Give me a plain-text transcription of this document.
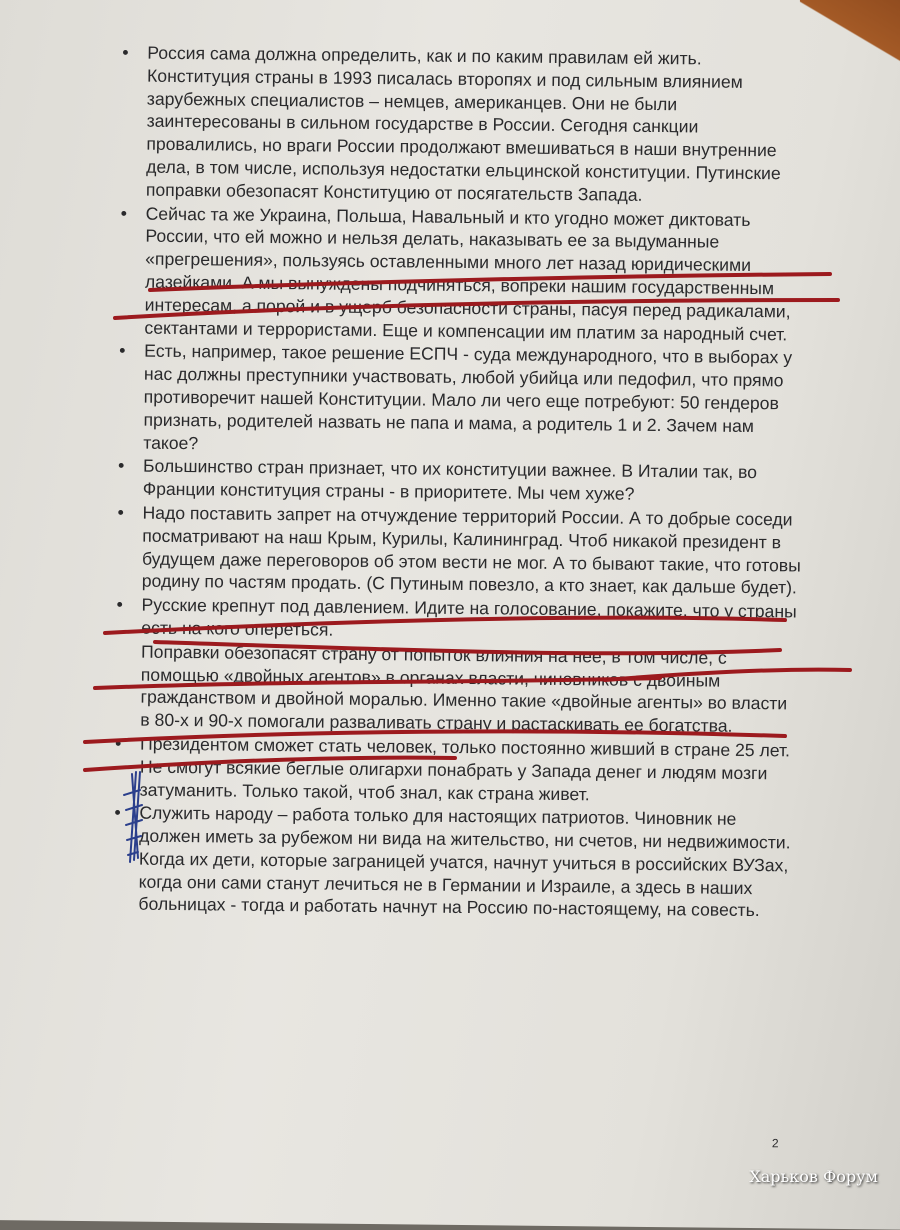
• Россия сама должна определить, как и по каким правилам ей жить. Конституция страны в 1993 писалась второпях и под сильным влиянием зарубежных специалистов – немцев, американцев. Они не были заинтересованы в сильном государстве в России. Сегодня санкции провалились, но враги России продолжают вмешиваться в наши внутренние дела, в том числе, используя недостатки ельцинской конституции. Путинские поправки обезопасят Конституцию от посягательств Запада.
• Сейчас та же Украина, Польша, Навальный и кто угодно может диктовать России, что ей можно и нельзя делать, наказывать ее за выдуманные «прегрешения», пользуясь оставленными много лет назад юридическими лазейками. А мы вынуждены подчиняться, вопреки нашим государственным интересам, а порой и в ущерб безопасности страны, пасуя перед радикалами, сектантами и террористами. Еще и компенсации им платим за народный счет.
• Есть, например, такое решение ЕСПЧ - суда международного, что в выборах у нас должны преступники участвовать, любой убийца или педофил, что прямо противоречит нашей Конституции. Мало ли чего еще потребуют: 50 гендеров признать, родителей назвать не папа и мама, а родитель 1 и 2. Зачем нам такое?
• Большинство стран признает, что их конституции важнее. В Италии так, во Франции конституция страны - в приоритете. Мы чем хуже?
• Надо поставить запрет на отчуждение территорий России. А то добрые соседи посматривают на наш Крым, Курилы, Калининград. Чтоб никакой президент в будущем даже переговоров об этом вести не мог. А то бывают такие, что готовы родину по частям продать. (С Путиным повезло, а кто знает, как дальше будет).
• Русские крепнут под давлением. Идите на голосование, покажите, что у страны есть на кого опереться.
Поправки обезопасят страну от попыток влияния на нее, в том числе, с помощью «двойных агентов» в органах власти, чиновников с двойным гражданством и двойной моралью. Именно такие «двойные агенты» во власти в 80-х и 90-х помогали разваливать страну и растаскивать ее богатства.
• Президентом сможет стать человек, только постоянно живший в стране 25 лет. Не смогут всякие беглые олигархи понабрать у Запада денег и людям мозги затуманить. Только такой, чтоб знал, как страна живет.
• Служить народу – работа только для настоящих патриотов. Чиновник не должен иметь за рубежом ни вида на жительство, ни счетов, ни недвижимости. Когда их дети, которые заграницей учатся, начнут учиться в российских ВУЗах, когда они сами станут лечиться не в Германии и Израиле, а здесь в наших больницах - тогда и работать начнут на Россию по-настоящему, на совесть.
2
Харьков Форум
